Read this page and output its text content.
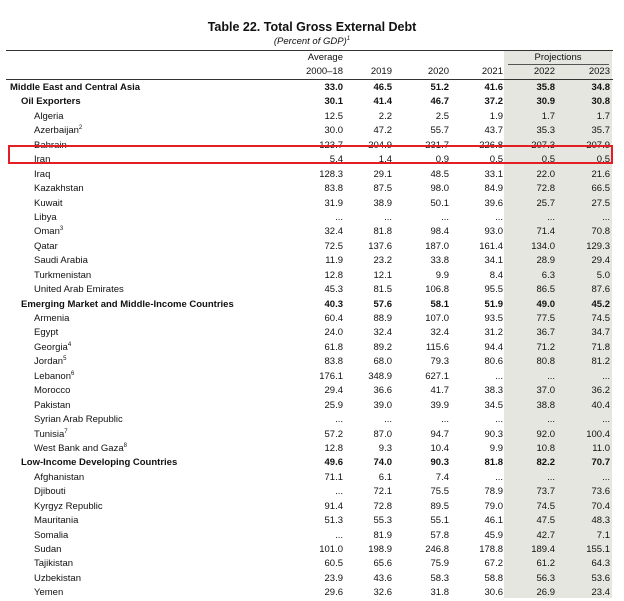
Table 22. Total Gross External Debt
(Percent of GDP)$^1$
Projections
Average
2000–18	2019	2020	2021	2022	2023
Middle East and Central Asia	33.0	46.5	51.2	41.6	35.8	34.8
Oil Exporters	30.1	41.4	46.7	37.2	30.9	30.8
Algeria	12.5	2.2	2.5	1.9	1.7	1.7
Azerbaijan$^2$	30.0	47.2	55.7	43.7	35.3	35.7
Bahrain	123.7	204.9	231.7	226.8	207.3	207.9
Iran	5.4	1.4	0.9	0.5	0.5	0.5
Iraq	128.3	29.1	48.5	33.1	22.0	21.6
Kazakhstan	83.8	87.5	98.0	84.9	72.8	66.5
Kuwait	31.9	38.9	50.1	39.6	25.7	27.5
Libya	...	...	...	...	...	...
Oman$^3$	32.4	81.8	98.4	93.0	71.4	70.8
Qatar	72.5	137.6	187.0	161.4	134.0	129.3
Saudi Arabia	11.9	23.2	33.8	34.1	28.9	29.4
Turkmenistan	12.8	12.1	9.9	8.4	6.3	5.0
United Arab Emirates	45.3	81.5	106.8	95.5	86.5	87.6
Emerging Market and Middle-Income Countries	40.3	57.6	58.1	51.9	49.0	45.2
Armenia	60.4	88.9	107.0	93.5	77.5	74.5
Egypt	24.0	32.4	32.4	31.2	36.7	34.7
Georgia$^4$	61.8	89.2	115.6	94.4	71.2	71.8
Jordan$^5$	83.8	68.0	79.3	80.6	80.8	81.2
Lebanon$^6$	176.1	348.9	627.1	...	...	...
Morocco	29.4	36.6	41.7	38.3	37.0	36.2
Pakistan	25.9	39.0	39.9	34.5	38.8	40.4
Syrian Arab Republic	...	...	...	...	...	...
Tunisia$^7$	57.2	87.0	94.7	90.3	92.0	100.4
West Bank and Gaza$^8$	12.8	9.3	10.4	9.9	10.8	11.0
Low-Income Developing Countries	49.6	74.0	90.3	81.8	82.2	70.7
Afghanistan	71.1	6.1	7.4	...	...	...
Djibouti	...	72.1	75.5	78.9	73.7	73.6
Kyrgyz Republic	91.4	72.8	89.5	79.0	74.5	70.4
Mauritania	51.3	55.3	55.1	46.1	47.5	48.3
Somalia	...	81.9	57.8	45.9	42.7	7.1
Sudan	101.0	198.9	246.8	178.8	189.4	155.1
Tajikistan	60.5	65.6	75.9	67.2	61.2	64.3
Uzbekistan	23.9	43.6	58.3	58.8	56.3	53.6
Yemen	29.6	32.6	31.8	30.6	26.9	23.4
